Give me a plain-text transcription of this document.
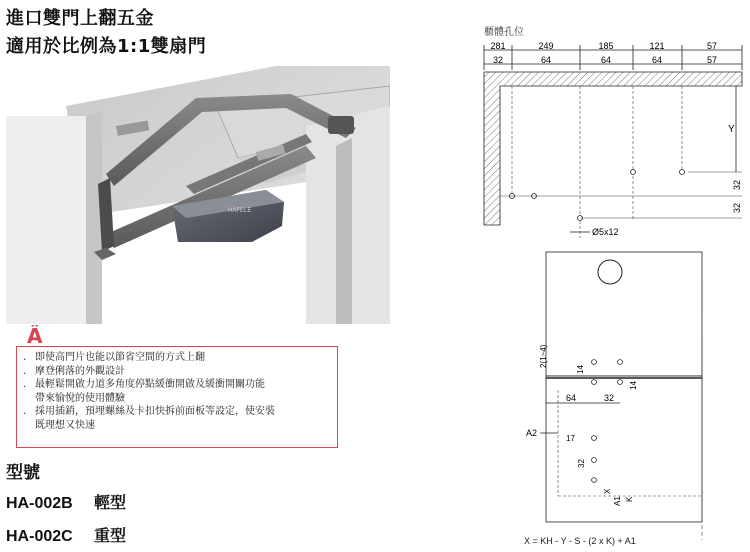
進口雙門上翻五金
適用於比例為1:1雙扇門
HÄFELE
Ä
. 即使高門片也能以節省空間的方式上翻
. 摩登俐落的外觀設計
. 最輕鬆開啟力道多角度停點緩衝開啟及緩衝開關功能
帶來愉悅的使用體驗
. 採用插銷，預埋螺絲及卡扣快拆前面板等設定，使安裝
既理想又快速
型號
HA-002B 輕型
HA-002C 重型
櫃體孔位
281	249	185	121	57
32	64	64	64	57
Y
32
32
Ø5x12
2(1~4)
14
14
64	32
A2
17
32
X
A1 K
X = KH - Y - S - (2 x K) + A1
